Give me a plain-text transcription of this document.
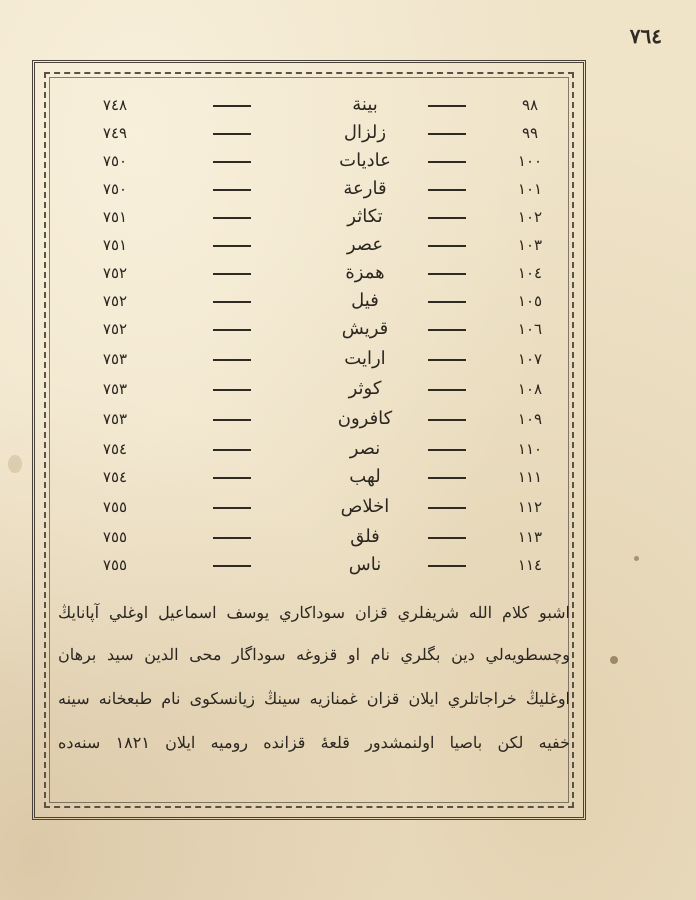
٧٦٤
٩٨
بينة
٧٤٨
٩٩
زلزال
٧٤٩
١٠٠
عاديات
٧٥٠
١٠١
قارعة
٧٥٠
١٠٢
تكاثر
٧٥١
١٠٣
عصر
٧٥١
١٠٤
همزة
٧٥٢
١٠٥
فيل
٧٥٢
١٠٦
قريش
٧٥٢
١٠٧
ارايت
٧٥٣
١٠٨
كوثر
٧٥٣
١٠٩
كافرون
٧٥٣
١١٠
نصر
٧٥٤
١١١
لهب
٧٥٤
١١٢
اخلاص
٧٥٥
١١٣
فلق
٧٥٥
١١٤
ناس
٧٥٥
اشبو كلام الله شريفلري قزان سوداكاري يوسف اسماعيل اوغلي آپانايڭ
وچسطويه‌لي دين بگلري نام او قزوغه سوداگار محى الدين سيد برهان
اوغليڭ خراجاتلري ايلان قزان غمنازيه سينڭ زيانسكوى نام طبعخانه سينه
خفيه لكن باصيا اولنمشدور قلعهٔ قزانده روميه ايلان ١٨٢١ سنه‌ده
